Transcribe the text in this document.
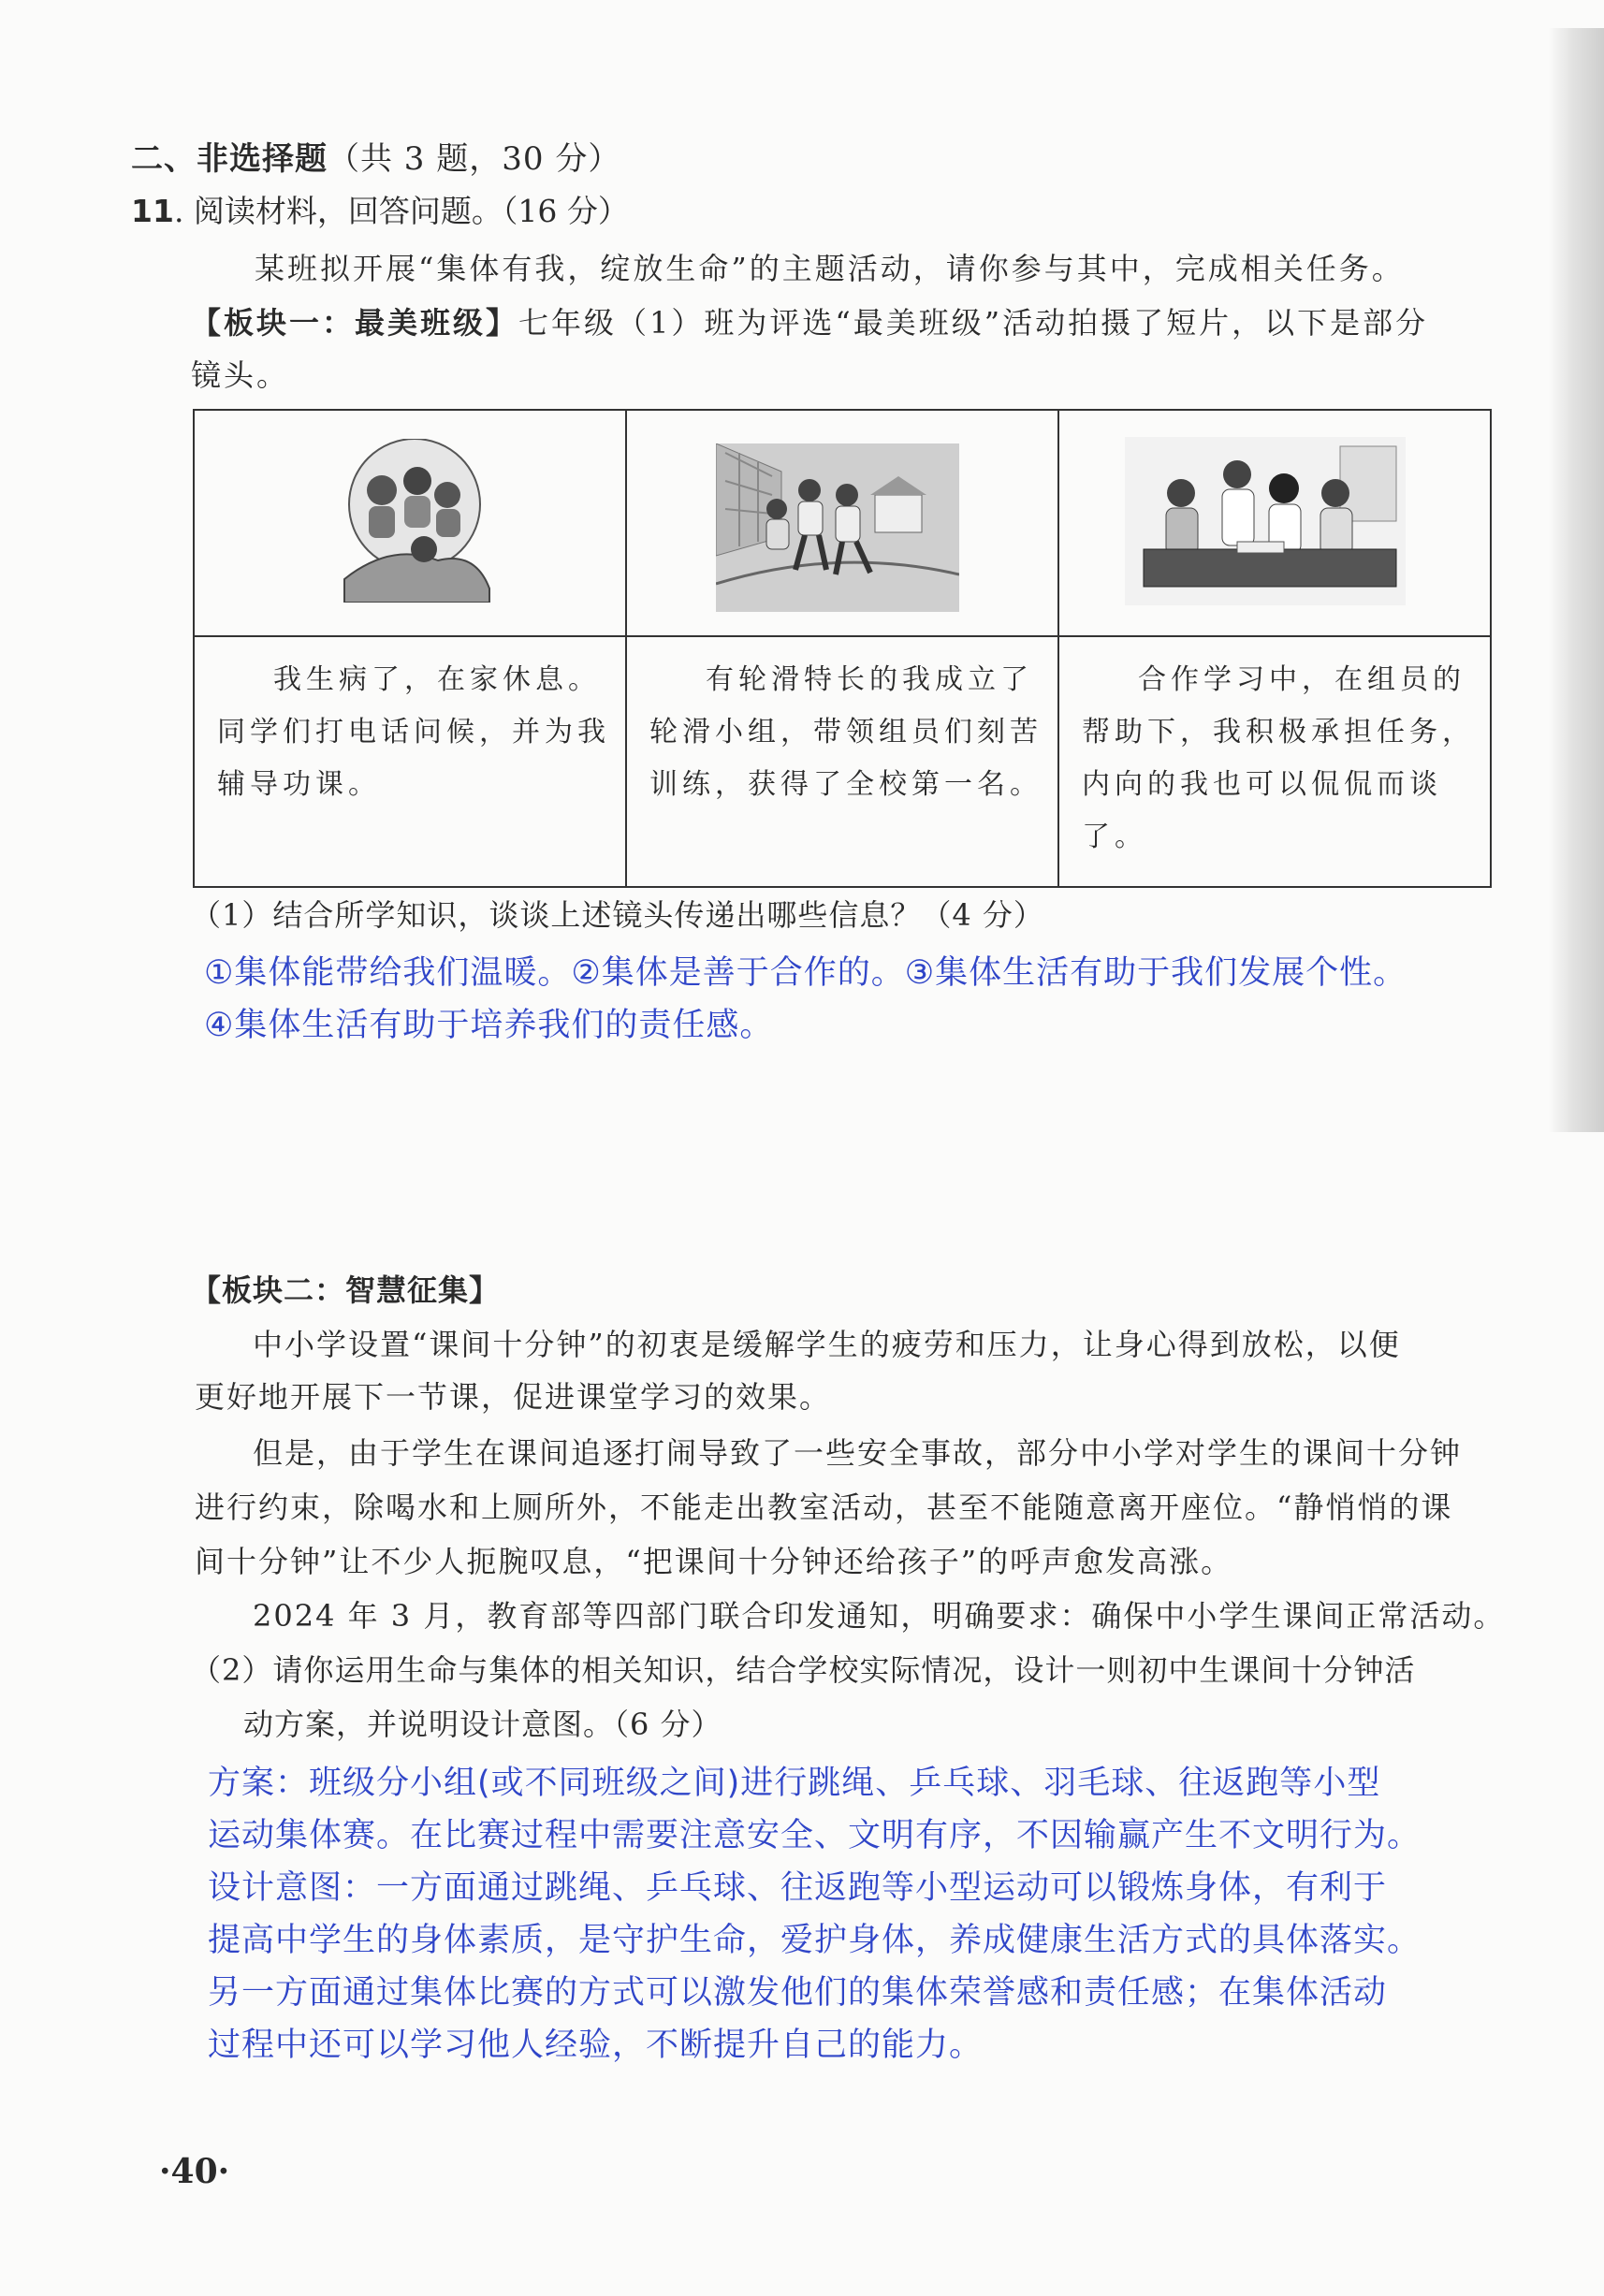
二、非选择题（共 3 题，30 分）
11. 阅读材料，回答问题。（16 分）
某班拟开展“集体有我，绽放生命”的主题活动，请你参与其中，完成相关任务。
【板块一：最美班级】七年级（1）班为评选“最美班级”活动拍摄了短片，以下是部分
镜头。

我生病了，在家休息。同学们打电话问候，并为我辅导功课。	有轮滑特长的我成立了轮滑小组，带领组员们刻苦训练，获得了全校第一名。	合作学习中，在组员的帮助下，我积极承担任务，内向的我也可以侃侃而谈了。
（1）结合所学知识，谈谈上述镜头传递出哪些信息？（4 分）
①集体能带给我们温暖。②集体是善于合作的。③集体生活有助于我们发展个性。
④集体生活有助于培养我们的责任感。
【板块二：智慧征集】
中小学设置“课间十分钟”的初衷是缓解学生的疲劳和压力，让身心得到放松，以便
更好地开展下一节课，促进课堂学习的效果。
但是，由于学生在课间追逐打闹导致了一些安全事故，部分中小学对学生的课间十分钟
进行约束，除喝水和上厕所外，不能走出教室活动，甚至不能随意离开座位。“静悄悄的课
间十分钟”让不少人扼腕叹息，“把课间十分钟还给孩子”的呼声愈发高涨。
2024 年 3 月，教育部等四部门联合印发通知，明确要求：确保中小学生课间正常活动。
（2）请你运用生命与集体的相关知识，结合学校实际情况，设计一则初中生课间十分钟活
动方案，并说明设计意图。（6 分）
方案：班级分小组(或不同班级之间)进行跳绳、乒乓球、羽毛球、往返跑等小型
运动集体赛。在比赛过程中需要注意安全、文明有序，不因输赢产生不文明行为。
设计意图：一方面通过跳绳、乒乓球、往返跑等小型运动可以锻炼身体，有利于
提高中学生的身体素质，是守护生命，爱护身体，养成健康生活方式的具体落实。
另一方面通过集体比赛的方式可以激发他们的集体荣誉感和责任感；在集体活动
过程中还可以学习他人经验，不断提升自己的能力。
·40·
